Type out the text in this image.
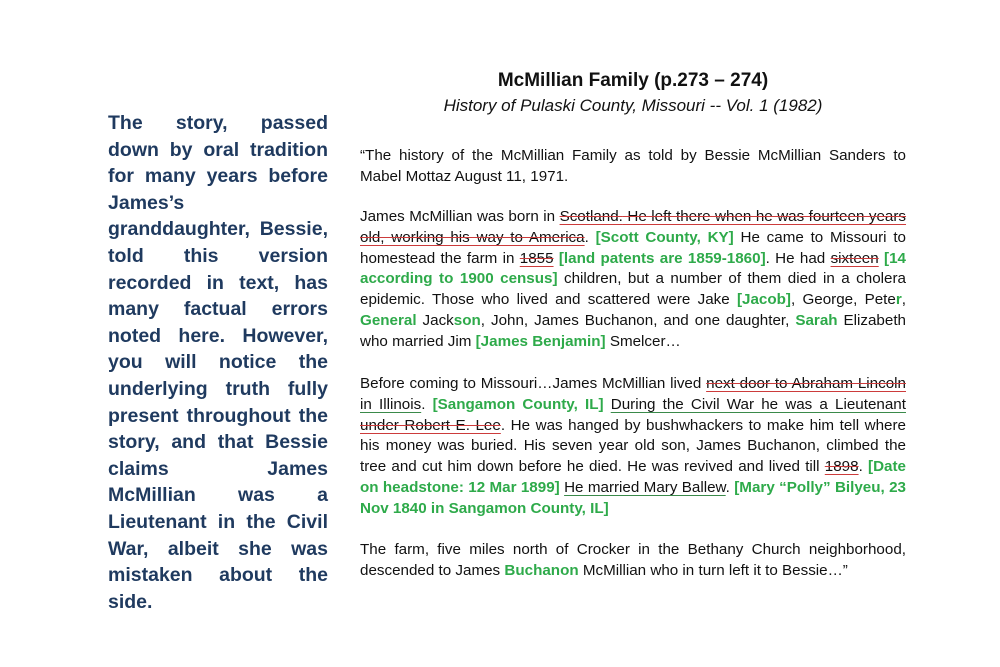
The story, passed down by oral tradition for many years before James’s granddaughter, Bessie, told this version recorded in text, has many factual errors noted here. However, you will notice the underlying truth fully present throughout the story, and that Bessie claims James McMillian was a Lieutenant in the Civil War, albeit she was mistaken about the side.
McMillian Family (p.273 – 274)
History of Pulaski County, Missouri -- Vol. 1 (1982)
“The history of the McMillian Family as told by Bessie McMillian Sanders to Mabel Mottaz August 11, 1971.
James McMillian was born in Scotland. He left there when he was fourteen years old, working his way to America. [Scott County, KY] He came to Missouri to homestead the farm in 1855 [land patents are 1859-1860]. He had sixteen [14 according to 1900 census] children, but a number of them died in a cholera epidemic. Those who lived and scattered were Jake [Jacob], George, Peter, General Jackson, John, James Buchanon, and one daughter, Sarah Elizabeth who married Jim [James Benjamin] Smelcer…
Before coming to Missouri…James McMillian lived next door to Abraham Lincoln in Illinois. [Sangamon County, IL] During the Civil War he was a Lieutenant under Robert E. Lee. He was hanged by bushwhackers to make him tell where his money was buried. His seven year old son, James Buchanon, climbed the tree and cut him down before he died. He was revived and lived till 1898. [Date on headstone: 12 Mar 1899] He married Mary Ballew. [Mary “Polly” Bilyeu, 23 Nov 1840 in Sangamon County, IL]
The farm, five miles north of Crocker in the Bethany Church neighborhood, descended to James Buchanon McMillian who in turn left it to Bessie…”
